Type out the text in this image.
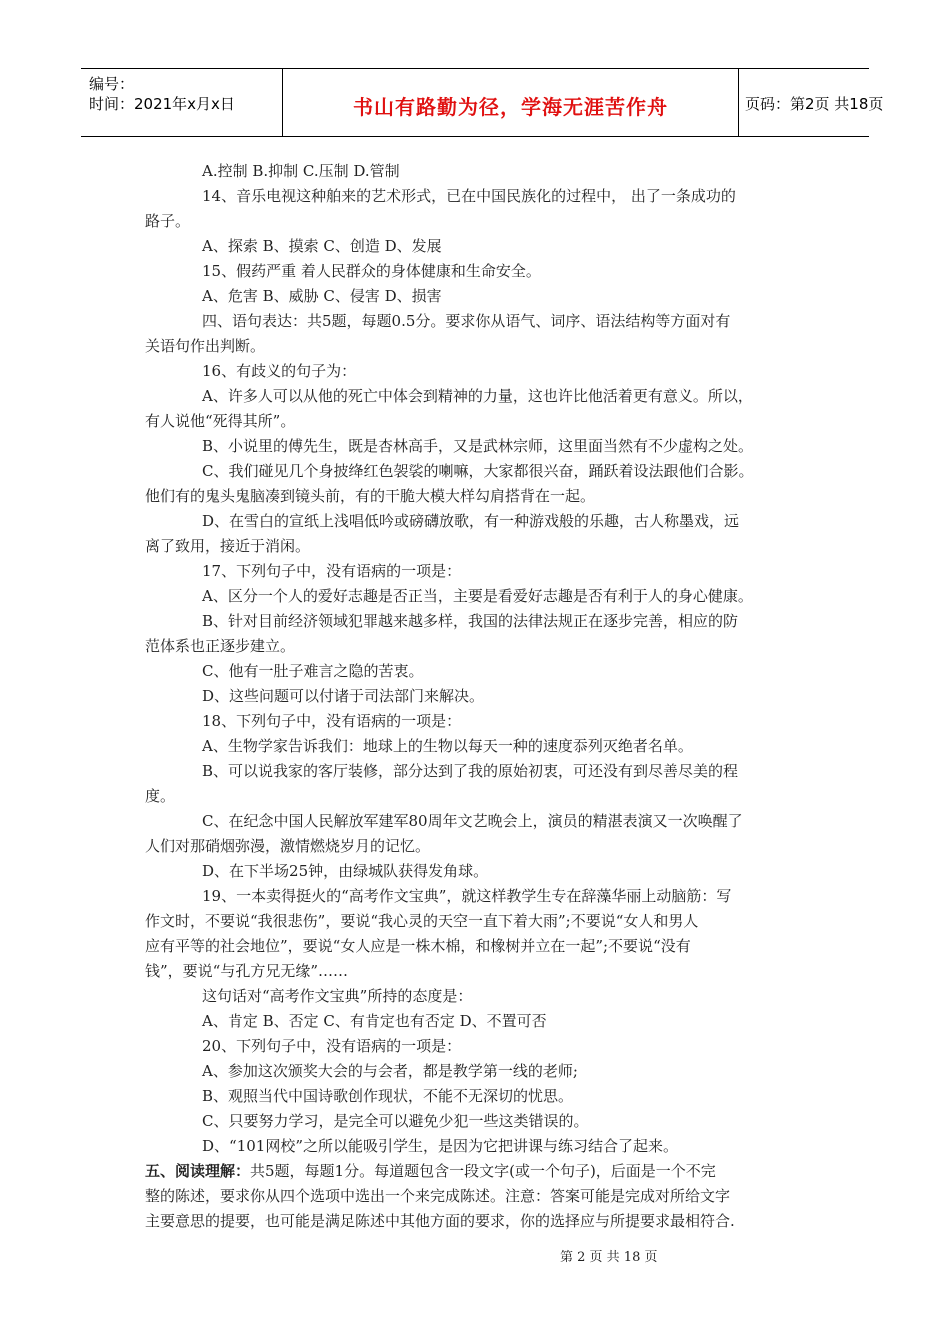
编号：
时间：2021年x月x日	书山有路勤为径，学海无涯苦作舟	页码：第2页 共18页
A.控制 B.抑制 C.压制 D.管制
14、音乐电视这种舶来的艺术形式，已在中国民族化的过程中， 出了一条成功的
路子。
A、探索 B、摸索 C、创造 D、发展
15、假药严重 着人民群众的身体健康和生命安全。
A、危害 B、威胁 C、侵害 D、损害
四、语句表达：共5题，每题0.5分。要求你从语气、词序、语法结构等方面对有
关语句作出判断。
16、有歧义的句子为：
A、许多人可以从他的死亡中体会到精神的力量，这也许比他活着更有意义。所以，
有人说他“死得其所”。
B、小说里的傅先生，既是杏林高手，又是武林宗师，这里面当然有不少虚构之处。
C、我们碰见几个身披绛红色袈裟的喇嘛，大家都很兴奋，踊跃着设法跟他们合影。
他们有的鬼头鬼脑凑到镜头前，有的干脆大模大样勾肩搭背在一起。
D、在雪白的宣纸上浅唱低吟或磅礴放歌，有一种游戏般的乐趣，古人称墨戏，远
离了致用，接近于消闲。
17、下列句子中，没有语病的一项是：
A、区分一个人的爱好志趣是否正当，主要是看爱好志趣是否有利于人的身心健康。
B、针对目前经济领域犯罪越来越多样，我国的法律法规正在逐步完善，相应的防
范体系也正逐步建立。
C、他有一肚子难言之隐的苦衷。
D、这些问题可以付诸于司法部门来解决。
18、下列句子中，没有语病的一项是：
A、生物学家告诉我们：地球上的生物以每天一种的速度忝列灭绝者名单。
B、可以说我家的客厅装修，部分达到了我的原始初衷，可还没有到尽善尽美的程
度。
C、在纪念中国人民解放军建军80周年文艺晚会上，演员的精湛表演又一次唤醒了
人们对那硝烟弥漫，激情燃烧岁月的记忆。
D、在下半场25钟，由绿城队获得发角球。
19、一本卖得挺火的“高考作文宝典”，就这样教学生专在辞藻华丽上动脑筋：写
作文时，不要说“我很悲伤”，要说“我心灵的天空一直下着大雨”;不要说“女人和男人
应有平等的社会地位”，要说“女人应是一株木棉，和橡树并立在一起”;不要说“没有
钱”，要说“与孔方兄无缘”……
这句话对“高考作文宝典”所持的态度是：
A、肯定 B、否定 C、有肯定也有否定 D、不置可否
20、下列句子中，没有语病的一项是：
A、参加这次颁奖大会的与会者，都是教学第一线的老师;
B、观照当代中国诗歌创作现状，不能不无深切的忧思。
C、只要努力学习，是完全可以避免少犯一些这类错误的。
D、“101网校”之所以能吸引学生，是因为它把讲课与练习结合了起来。
五、阅读理解：共5题，每题1分。每道题包含一段文字(或一个句子)，后面是一个不完
整的陈述，要求你从四个选项中选出一个来完成陈述。注意：答案可能是完成对所给文字
主要意思的提要，也可能是满足陈述中其他方面的要求，你的选择应与所提要求最相符合.
第 2 页 共 18 页
